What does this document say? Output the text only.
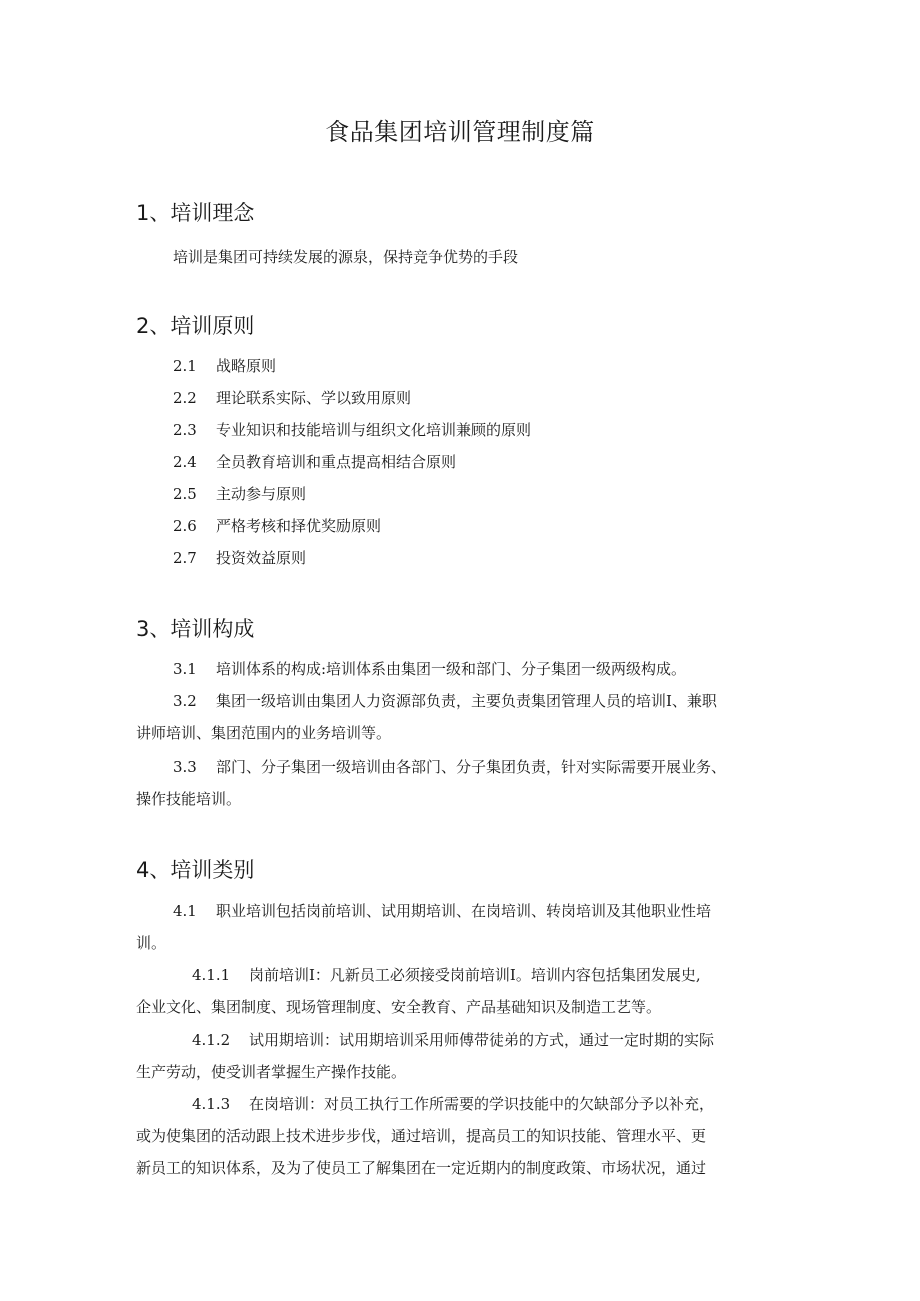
食品集团培训管理制度篇
1、培训理念
培训是集团可持续发展的源泉，保持竞争优势的手段
2、培训原则
2.1 战略原则
2.2 理论联系实际、学以致用原则
2.3 专业知识和技能培训与组织文化培训兼顾的原则
2.4 全员教育培训和重点提高相结合原则
2.5 主动参与原则
2.6 严格考核和择优奖励原则
2.7 投资效益原则
3、培训构成
3.1 培训体系的构成:培训体系由集团一级和部门、分子集团一级两级构成。
3.2 集团一级培训由集团人力资源部负责，主要负责集团管理人员的培训I、兼职
讲师培训、集团范围内的业务培训等。
3.3 部门、分子集团一级培训由各部门、分子集团负责，针对实际需要开展业务、
操作技能培训。
4、培训类别
4.1 职业培训包括岗前培训、试用期培训、在岗培训、转岗培训及其他职业性培
训。
4.1.1 岗前培训I：凡新员工必须接受岗前培训I。培训内容包括集团发展史,
企业文化、集团制度、现场管理制度、安全教育、产品基础知识及制造工艺等。
4.1.2 试用期培训：试用期培训采用师傅带徒弟的方式，通过一定时期的实际
生产劳动，使受训者掌握生产操作技能。
4.1.3 在岗培训：对员工执行工作所需要的学识技能中的欠缺部分予以补充，
或为使集团的活动跟上技术进步步伐，通过培训，提高员工的知识技能、管理水平、更
新员工的知识体系，及为了使员工了解集团在一定近期内的制度政策、市场状况，通过
